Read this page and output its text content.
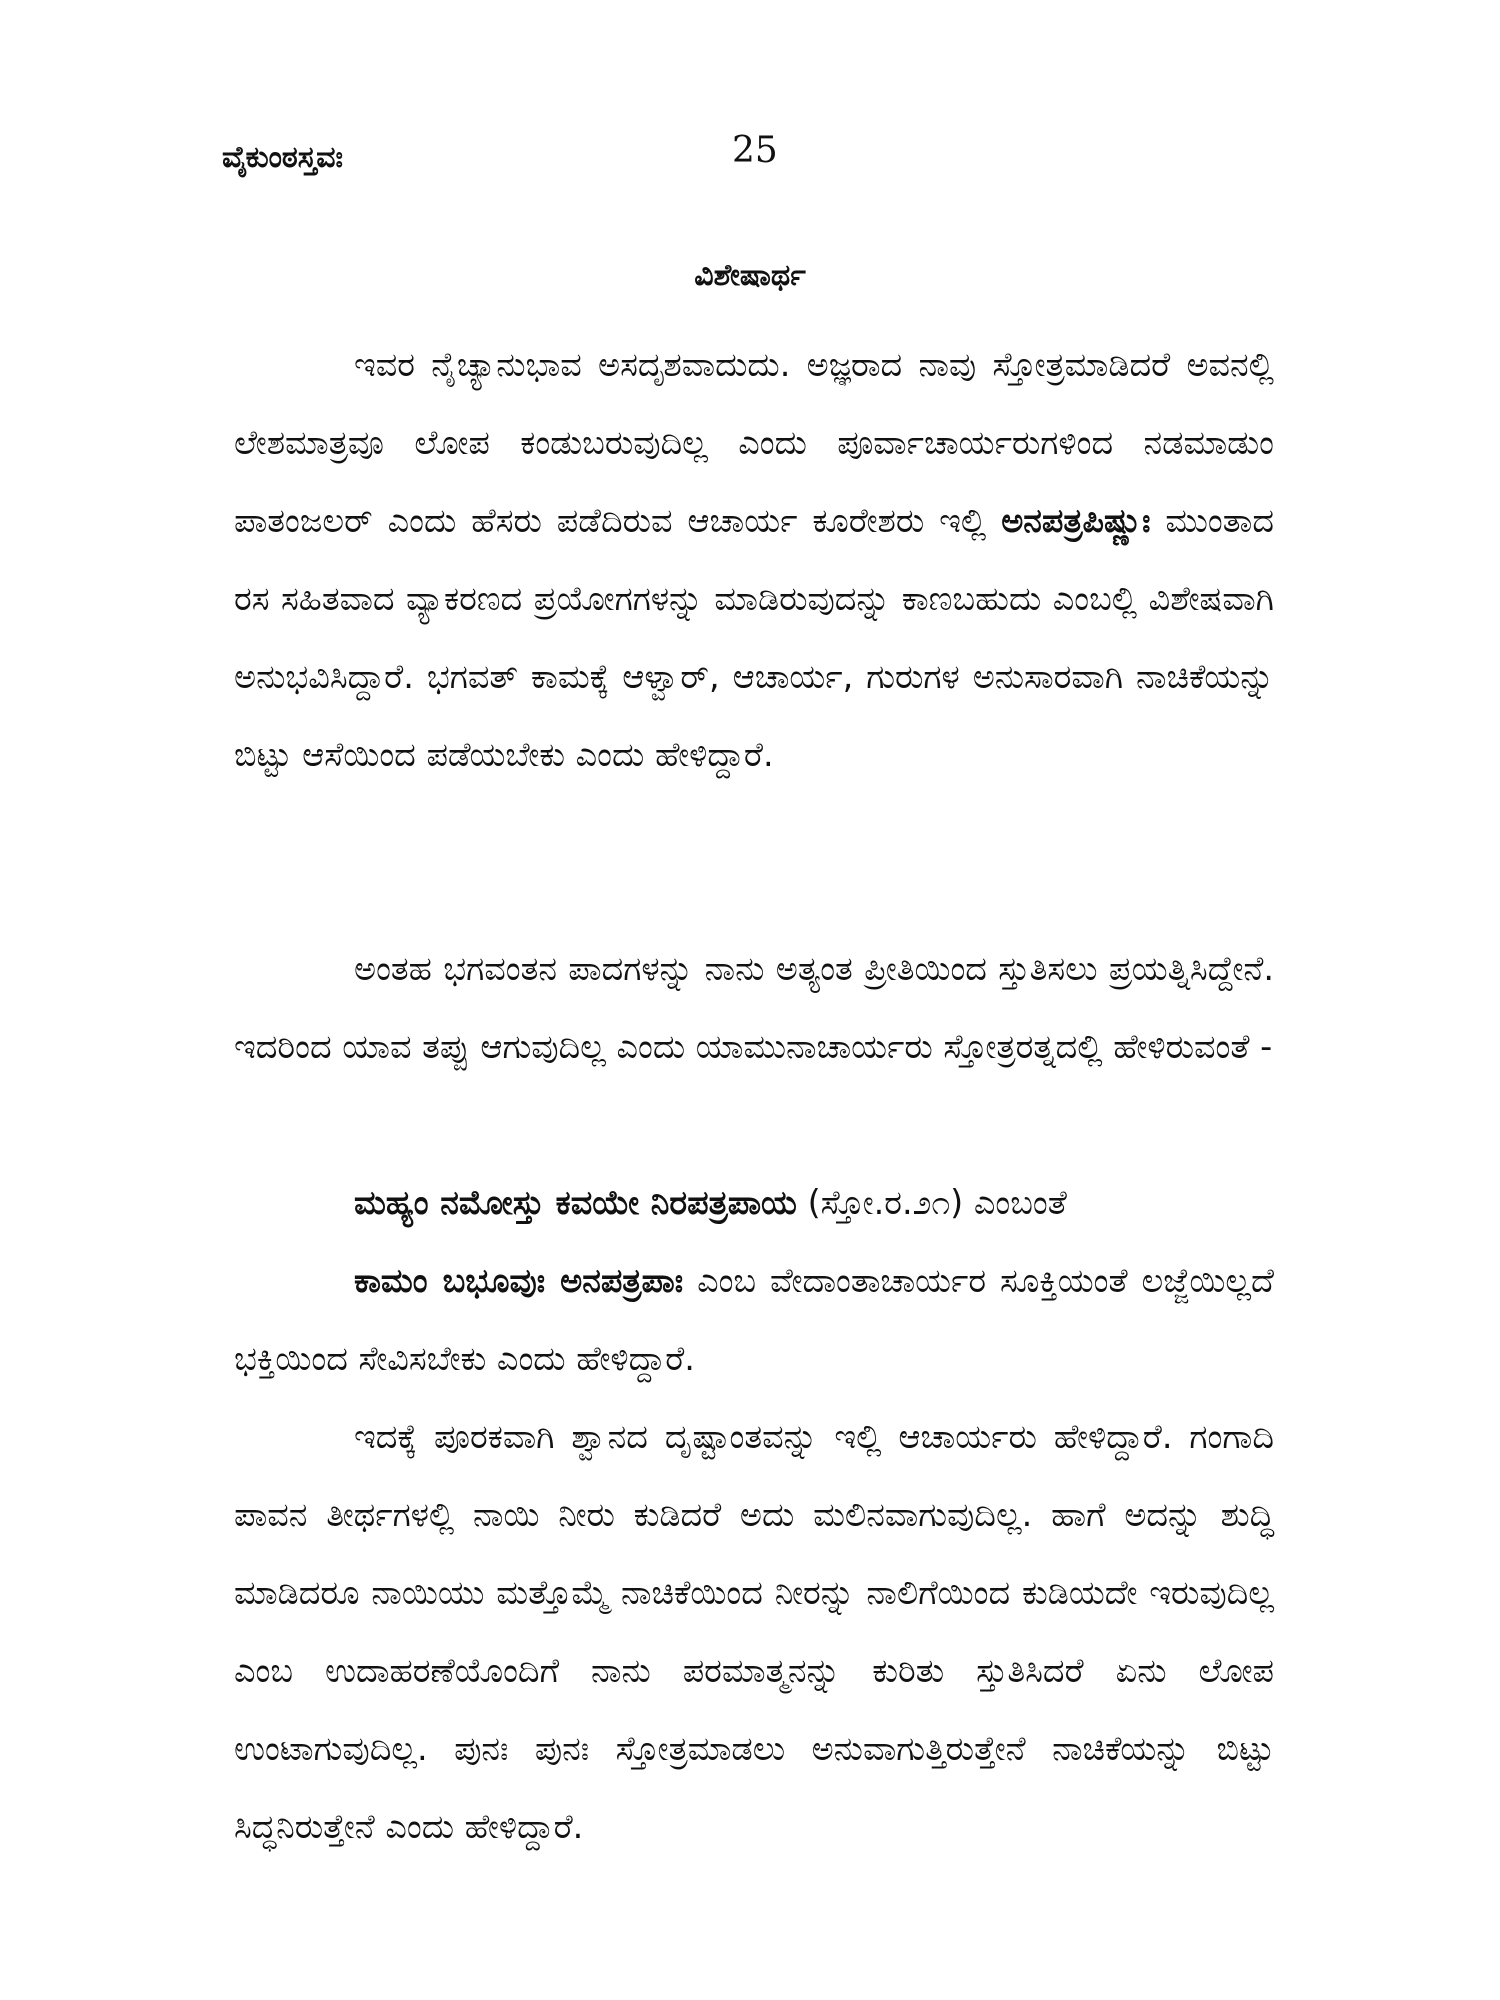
ವೈಕುಂಠಸ್ತವಃ	25
ವಿಶೇಷಾರ್ಥ

ಇವರ ನೈಚ್ಯಾನುಭಾವ ಅಸದೃಶವಾದುದು. ಅಜ್ಞರಾದ ನಾವು ಸ್ತೋತ್ರಮಾಡಿದರೆ ಅವನಲ್ಲಿ ಲೇಶಮಾತ್ರವೂ ಲೋಪ ಕಂಡುಬರುವುದಿಲ್ಲ ಎಂದು ಪೂರ್ವಾಚಾರ್ಯರುಗಳಿಂದ ನಡಮಾಡುಂ ಪಾತಂಜಲರ್ ಎಂದು ಹೆಸರು ಪಡೆದಿರುವ ಆಚಾರ್ಯ ಕೂರೇಶರು ಇಲ್ಲಿ ಅನಪತ್ರಪಿಷ್ಣುಃ ಮುಂತಾದ ರಸ ಸಹಿತವಾದ ವ್ಯಾಕರಣದ ಪ್ರಯೋಗಗಳನ್ನು ಮಾಡಿರುವುದನ್ನು ಕಾಣಬಹುದು ಎಂಬಲ್ಲಿ ವಿಶೇಷವಾಗಿ ಅನುಭವಿಸಿದ್ದಾರೆ. ಭಗವತ್ ಕಾಮಕ್ಕೆ ಆಳ್ವಾರ್, ಆಚಾರ್ಯ, ಗುರುಗಳ ಅನುಸಾರವಾಗಿ ನಾಚಿಕೆಯನ್ನು ಬಿಟ್ಟು ಆಸೆಯಿಂದ ಪಡೆಯಬೇಕು ಎಂದು ಹೇಳಿದ್ದಾರೆ.

ಅಂತಹ ಭಗವಂತನ ಪಾದಗಳನ್ನು ನಾನು ಅತ್ಯಂತ ಪ್ರೀತಿಯಿಂದ ಸ್ತುತಿಸಲು ಪ್ರಯತ್ನಿಸಿದ್ದೇನೆ. ಇದರಿಂದ ಯಾವ ತಪ್ಪು ಆಗುವುದಿಲ್ಲ ಎಂದು ಯಾಮುನಾಚಾರ್ಯರು ಸ್ತೋತ್ರರತ್ನದಲ್ಲಿ ಹೇಳಿರುವಂತೆ -

ಮಹ್ಯಂ ನಮೋಸ್ತು ಕವಯೇ ನಿರಪತ್ರಪಾಯ (ಸ್ತೋ.ರ.೨೧) ಎಂಬಂತೆ

ಕಾಮಂ ಬಭೂವುಃ ಅನಪತ್ರಪಾಃ ಎಂಬ ವೇದಾಂತಾಚಾರ್ಯರ ಸೂಕ್ತಿಯಂತೆ ಲಜ್ಜೆಯಿಲ್ಲದೆ ಭಕ್ತಿಯಿಂದ ಸೇವಿಸಬೇಕು ಎಂದು ಹೇಳಿದ್ದಾರೆ.

ಇದಕ್ಕೆ ಪೂರಕವಾಗಿ ಶ್ವಾನದ ದೃಷ್ಟಾಂತವನ್ನು ಇಲ್ಲಿ ಆಚಾರ್ಯರು ಹೇಳಿದ್ದಾರೆ. ಗಂಗಾದಿ ಪಾವನ ತೀರ್ಥಗಳಲ್ಲಿ ನಾಯಿ ನೀರು ಕುಡಿದರೆ ಅದು ಮಲಿನವಾಗುವುದಿಲ್ಲ. ಹಾಗೆ ಅದನ್ನು ಶುದ್ಧಿ ಮಾಡಿದರೂ ನಾಯಿಯು ಮತ್ತೊಮ್ಮೆ ನಾಚಿಕೆಯಿಂದ ನೀರನ್ನು ನಾಲಿಗೆಯಿಂದ ಕುಡಿಯದೇ ಇರುವುದಿಲ್ಲ ಎಂಬ ಉದಾಹರಣೆಯೊಂದಿಗೆ ನಾನು ಪರಮಾತ್ಮನನ್ನು ಕುರಿತು ಸ್ತುತಿಸಿದರೆ ಏನು ಲೋಪ ಉಂಟಾಗುವುದಿಲ್ಲ. ಪುನಃ ಪುನಃ ಸ್ತೋತ್ರಮಾಡಲು ಅನುವಾಗುತ್ತಿರುತ್ತೇನೆ ನಾಚಿಕೆಯನ್ನು ಬಿಟ್ಟು ಸಿದ್ಧನಿರುತ್ತೇನೆ ಎಂದು ಹೇಳಿದ್ದಾರೆ.
